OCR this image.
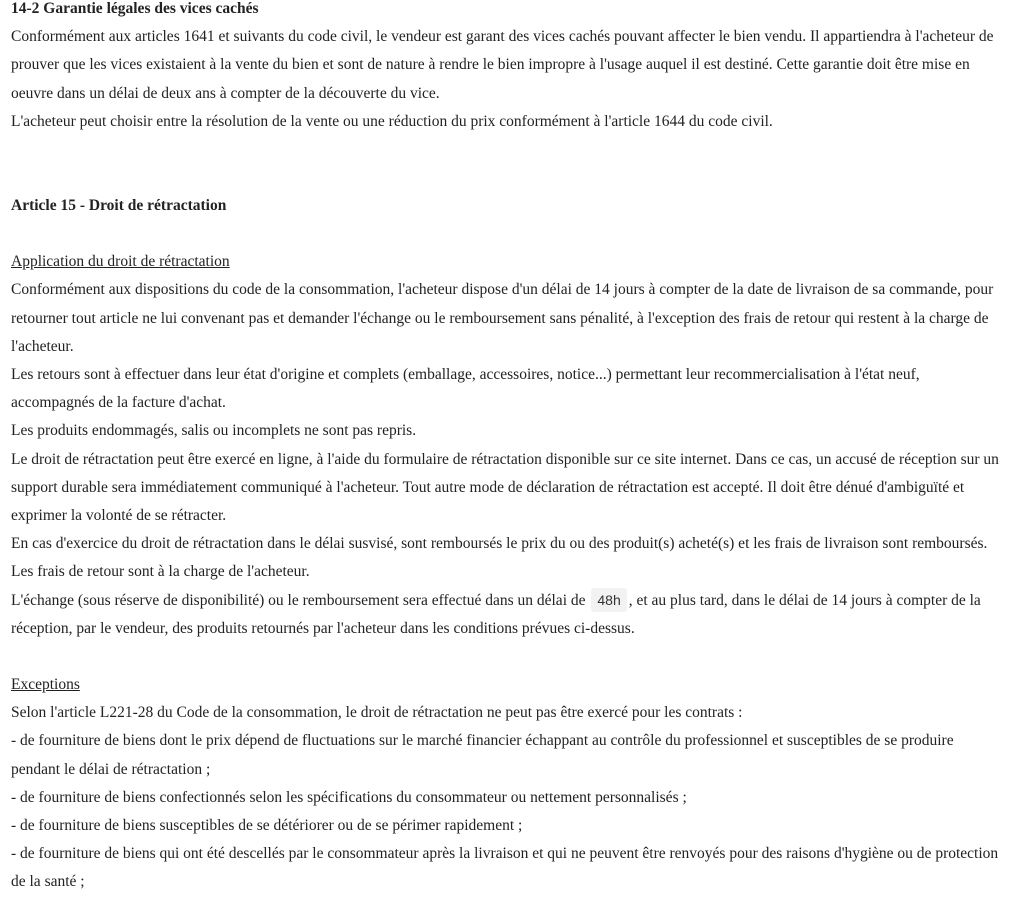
14-2 Garantie légales des vices cachés

Conformément aux articles 1641 et suivants du code civil, le vendeur est garant des vices cachés pouvant affecter le bien vendu. Il appartiendra à l'acheteur de prouver que les vices existaient à la vente du bien et sont de nature à rendre le bien impropre à l'usage auquel il est destiné. Cette garantie doit être mise en oeuvre dans un délai de deux ans à compter de la découverte du vice.

L'acheteur peut choisir entre la résolution de la vente ou une réduction du prix conformément à l'article 1644 du code civil.

Article 15 - Droit de rétractation

Application du droit de rétractation

Conformément aux dispositions du code de la consommation, l'acheteur dispose d'un délai de 14 jours à compter de la date de livraison de sa commande, pour retourner tout article ne lui convenant pas et demander l'échange ou le remboursement sans pénalité, à l'exception des frais de retour qui restent à la charge de l'acheteur.

Les retours sont à effectuer dans leur état d'origine et complets (emballage, accessoires, notice...) permettant leur recommercialisation à l'état neuf, accompagnés de la facture d'achat.

Les produits endommagés, salis ou incomplets ne sont pas repris.

Le droit de rétractation peut être exercé en ligne, à l'aide du formulaire de rétractation disponible sur ce site internet. Dans ce cas, un accusé de réception sur un support durable sera immédiatement communiqué à l'acheteur. Tout autre mode de déclaration de rétractation est accepté. Il doit être dénué d'ambiguïté et exprimer la volonté de se rétracter.

En cas d'exercice du droit de rétractation dans le délai susvisé, sont remboursés le prix du ou des produit(s) acheté(s) et les frais de livraison sont remboursés.

Les frais de retour sont à la charge de l'acheteur.

L'échange (sous réserve de disponibilité) ou le remboursement sera effectué dans un délai de 48h , et au plus tard, dans le délai de 14 jours à compter de la réception, par le vendeur, des produits retournés par l'acheteur dans les conditions prévues ci-dessus.

Exceptions

Selon l'article L221-28 du Code de la consommation, le droit de rétractation ne peut pas être exercé pour les contrats :

- de fourniture de biens dont le prix dépend de fluctuations sur le marché financier échappant au contrôle du professionnel et susceptibles de se produire pendant le délai de rétractation ;

- de fourniture de biens confectionnés selon les spécifications du consommateur ou nettement personnalisés ;

- de fourniture de biens susceptibles de se détériorer ou de se périmer rapidement ;

- de fourniture de biens qui ont été descellés par le consommateur après la livraison et qui ne peuvent être renvoyés pour des raisons d'hygiène ou de protection de la santé ;
